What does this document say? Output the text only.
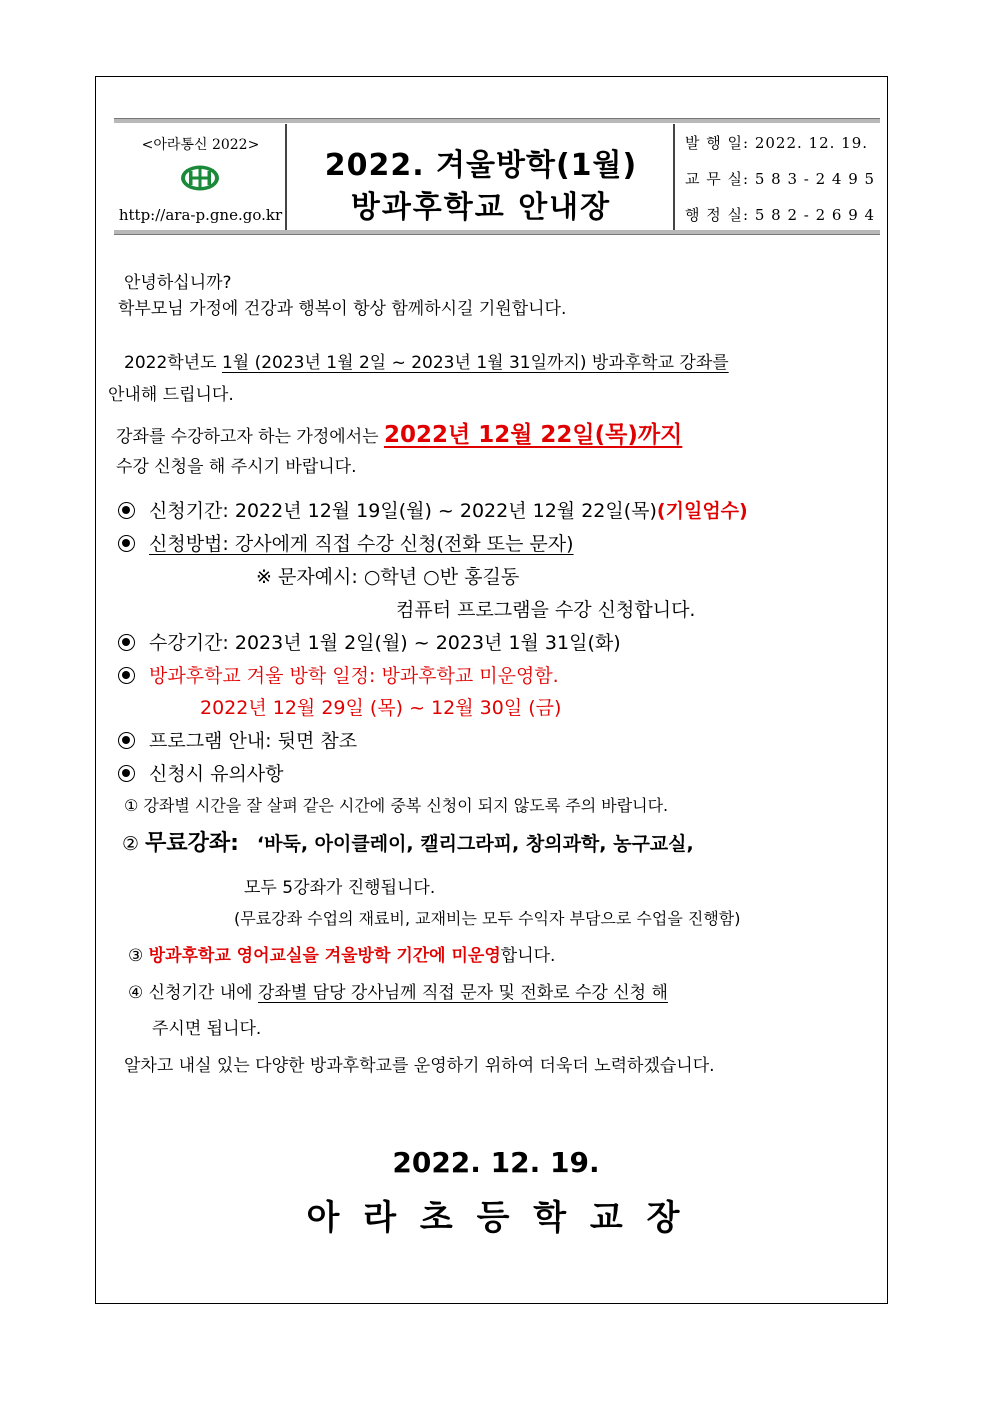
<아라통신 2022>
http://ara-p.gne.go.kr
2022. 겨울방학(1월)
방과후학교 안내장
발 행 일: 2022. 12. 19.
교 무 실: 5 8 3 - 2 4 9 5
행 정 실: 5 8 2 - 2 6 9 4
안녕하십니까?
학부모님 가정에 건강과 행복이 항상 함께하시길 기원합니다.
2022학년도 1월 (2023년 1월 2일 ~ 2023년 1월 31일까지) 방과후학교 강좌를
안내해 드립니다.
강좌를 수강하고자 하는 가정에서는 2022년 12월 22일(목)까지
수강 신청을 해 주시기 바랍니다.
신청기간: 2022년 12월 19일(월) ~ 2022년 12월 22일(목)(기일엄수)
신청방법: 강사에게 직접 수강 신청(전화 또는 문자)
※ 문자예시: ○학년 ○반 홍길동
컴퓨터 프로그램을 수강 신청합니다.
수강기간: 2023년 1월 2일(월) ~ 2023년 1월 31일(화)
방과후학교 겨울 방학 일정: 방과후학교 미운영함.
2022년 12월 29일 (목) ~ 12월 30일 (금)
프로그램 안내: 뒷면 참조
신청시 유의사항
① 강좌별 시간을 잘 살펴 같은 시간에 중복 신청이 되지 않도록 주의 바랍니다.
② 무료강좌: ‘바둑, 아이클레이, 캘리그라피, 창의과학, 농구교실,
모두 5강좌가 진행됩니다.
(무료강좌 수업의 재료비, 교재비는 모두 수익자 부담으로 수업을 진행함)
③ 방과후학교 영어교실을 겨울방학 기간에 미운영합니다.
④ 신청기간 내에 강좌별 담당 강사님께 직접 문자 및 전화로 수강 신청 해
주시면 됩니다.
알차고 내실 있는 다양한 방과후학교를 운영하기 위하여 더욱더 노력하겠습니다.
2022. 12. 19.
아 라 초 등 학 교 장
